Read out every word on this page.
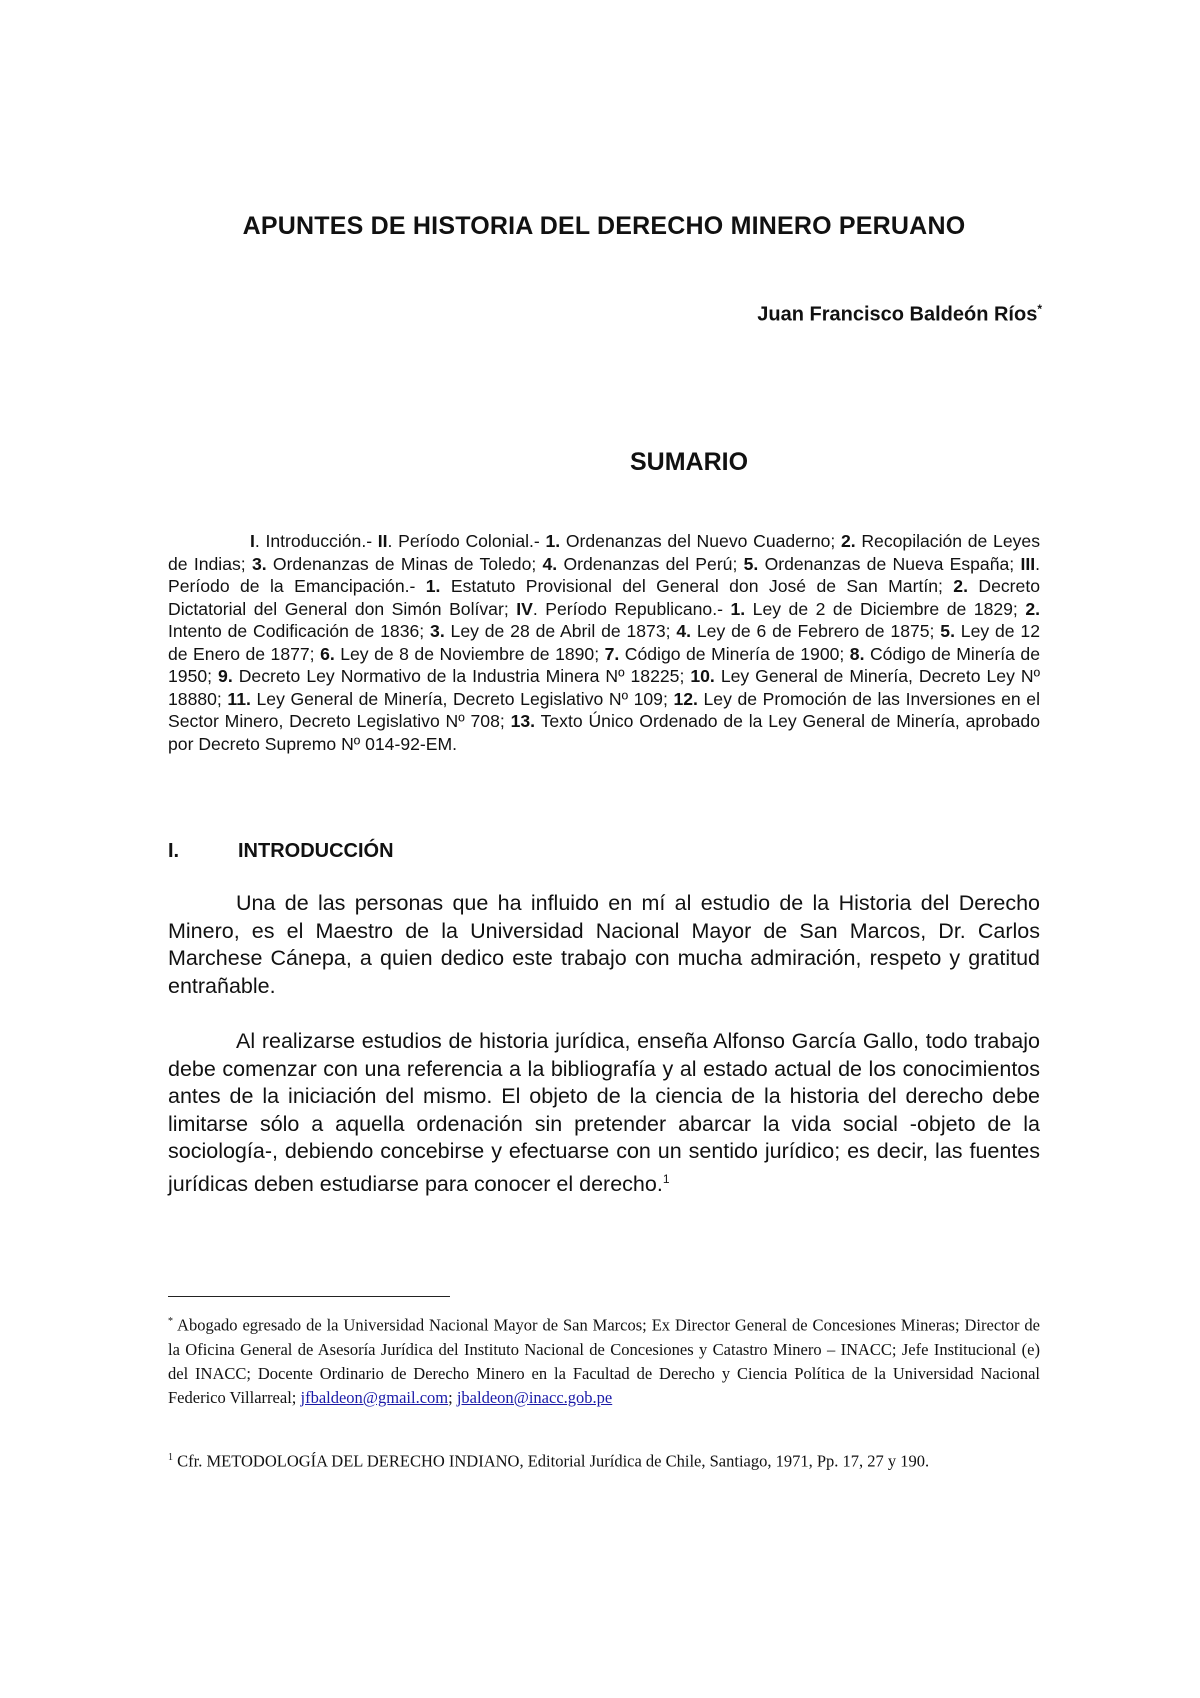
APUNTES DE HISTORIA DEL DERECHO MINERO PERUANO
Juan Francisco Baldeón Ríos*
SUMARIO

I. Introducción.- II. Período Colonial.- 1. Ordenanzas del Nuevo Cuaderno; 2. Recopilación de Leyes de Indias; 3. Ordenanzas de Minas de Toledo; 4. Ordenanzas del Perú; 5. Ordenanzas de Nueva España; III. Período de la Emancipación.- 1. Estatuto Provisional del General don José de San Martín; 2. Decreto Dictatorial del General don Simón Bolívar; IV. Período Republicano.- 1. Ley de 2 de Diciembre de 1829; 2. Intento de Codificación de 1836; 3. Ley de 28 de Abril de 1873; 4. Ley de 6 de Febrero de 1875; 5. Ley de 12 de Enero de 1877; 6. Ley de 8 de Noviembre de 1890; 7. Código de Minería de 1900; 8. Código de Minería de 1950; 9. Decreto Ley Normativo de la Industria Minera Nº 18225; 10. Ley General de Minería, Decreto Ley Nº 18880; 11. Ley General de Minería, Decreto Legislativo Nº 109; 12. Ley de Promoción de las Inversiones en el Sector Minero, Decreto Legislativo Nº 708; 13. Texto Único Ordenado de la Ley General de Minería, aprobado por Decreto Supremo Nº 014-92-EM.

I.	INTRODUCCIÓN

Una de las personas que ha influido en mí al estudio de la Historia del Derecho Minero, es el Maestro de la Universidad Nacional Mayor de San Marcos, Dr. Carlos Marchese Cánepa, a quien dedico este trabajo con mucha admiración, respeto y gratitud entrañable.

Al realizarse estudios de historia jurídica, enseña Alfonso García Gallo, todo trabajo debe comenzar con una referencia a la bibliografía y al estado actual de los conocimientos antes de la iniciación del mismo. El objeto de la ciencia de la historia del derecho debe limitarse sólo a aquella ordenación sin pretender abarcar la vida social -objeto de la sociología-, debiendo concebirse y efectuarse con un sentido jurídico; es decir, las fuentes jurídicas deben estudiarse para conocer el derecho.$^1$

* Abogado egresado de la Universidad Nacional Mayor de San Marcos; Ex Director General de Concesiones Mineras; Director de la Oficina General de Asesoría Jurídica del Instituto Nacional de Concesiones y Catastro Minero – INACC; Jefe Institucional (e) del INACC; Docente Ordinario de Derecho Minero en la Facultad de Derecho y Ciencia Política de la Universidad Nacional Federico Villarreal; jfbaldeon@gmail.com; jbaldeon@inacc.gob.pe

$^1$ Cfr. METODOLOGÍA DEL DERECHO INDIANO, Editorial Jurídica de Chile, Santiago, 1971, Pp. 17, 27 y 190.
